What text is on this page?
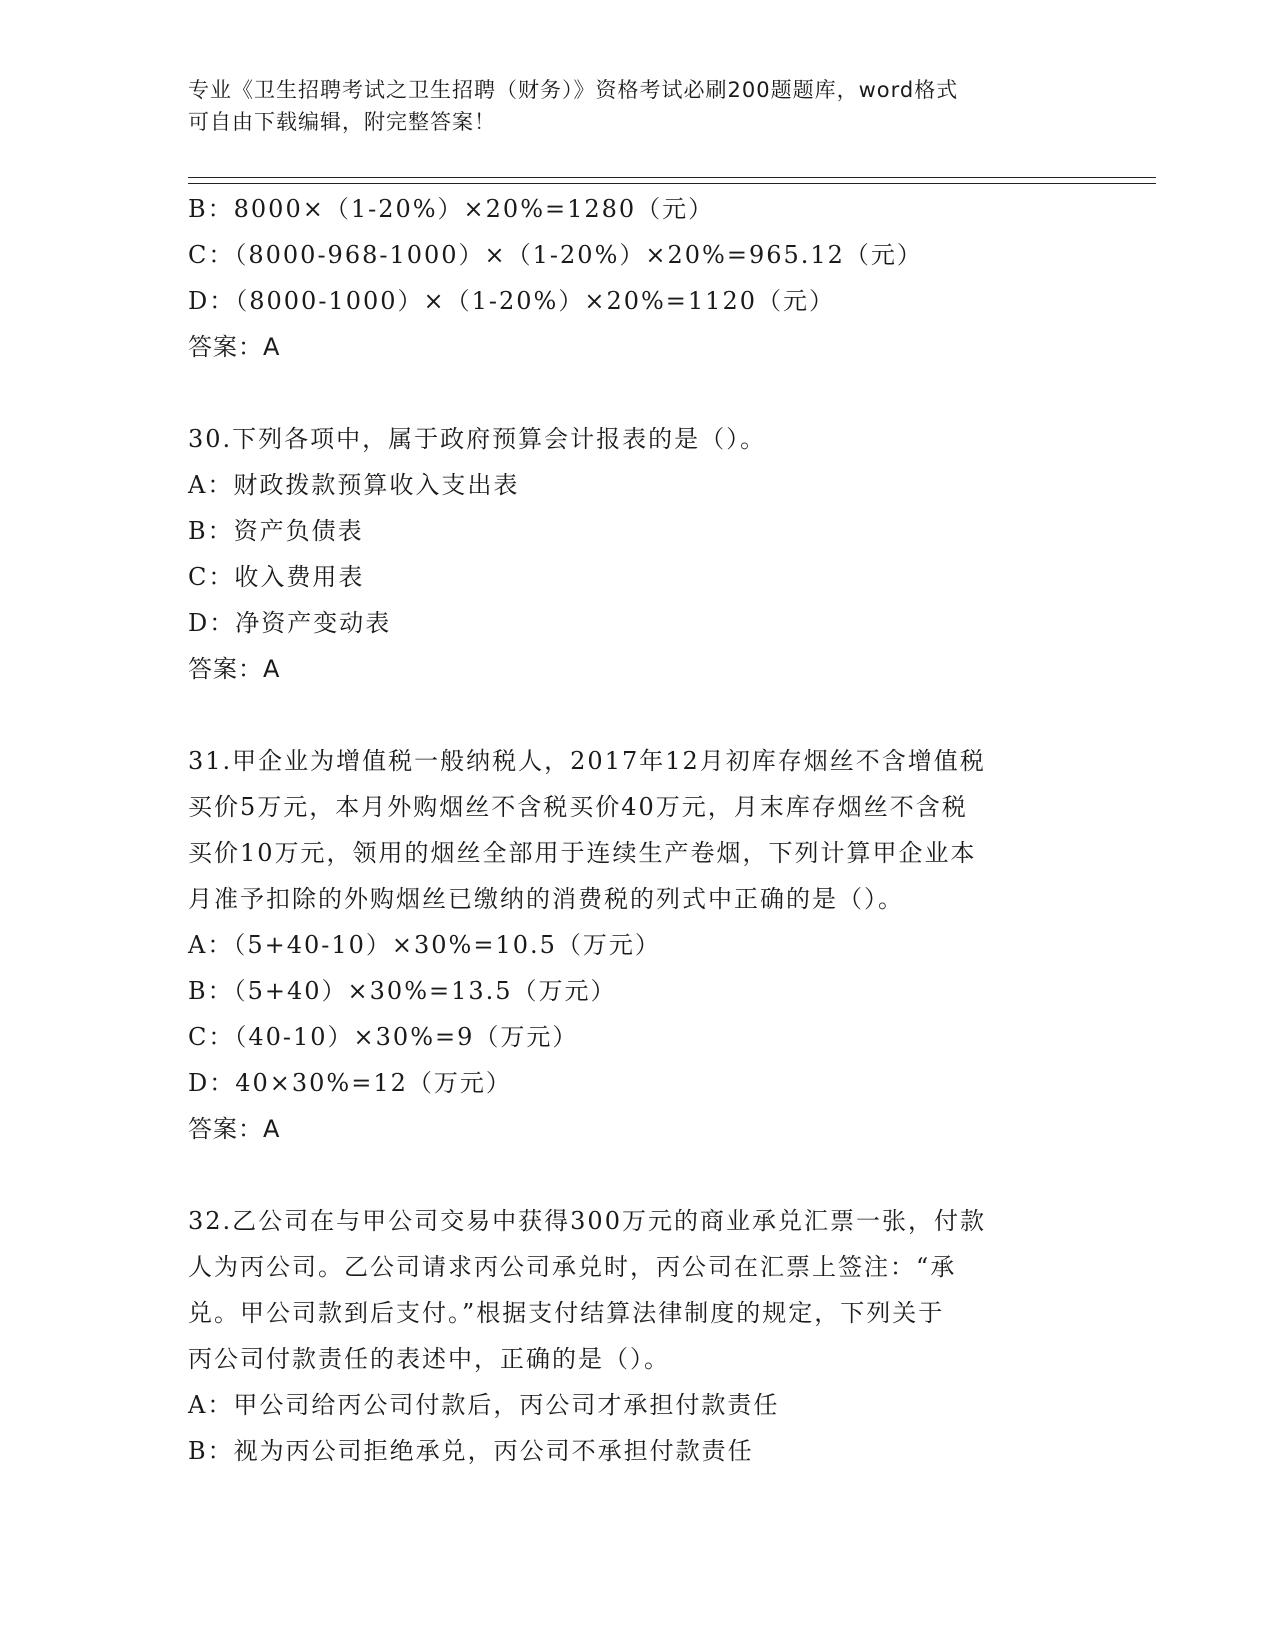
专业《卫生招聘考试之卫生招聘（财务）》资格考试必刷200题题库，word格式
可自由下载编辑，附完整答案！
B：8000×（1-20%）×20%=1280（元）
C：（8000-968-1000）×（1-20%）×20%=965.12（元）
D：（8000-1000）×（1-20%）×20%=1120（元）
答案：A
30.下列各项中，属于政府预算会计报表的是（）。
A：财政拨款预算收入支出表
B：资产负债表
C：收入费用表
D：净资产变动表
答案：A
31.甲企业为增值税一般纳税人，2017年12月初库存烟丝不含增值税
买价5万元，本月外购烟丝不含税买价40万元，月末库存烟丝不含税
买价10万元，领用的烟丝全部用于连续生产卷烟，下列计算甲企业本
月准予扣除的外购烟丝已缴纳的消费税的列式中正确的是（）。
A：（5+40-10）×30%=10.5（万元）
B：（5+40）×30%=13.5（万元）
C：（40-10）×30%=9（万元）
D：40×30%=12（万元）
答案：A
32.乙公司在与甲公司交易中获得300万元的商业承兑汇票一张，付款
人为丙公司。乙公司请求丙公司承兑时，丙公司在汇票上签注：“承
兑。甲公司款到后支付。”根据支付结算法律制度的规定，下列关于
丙公司付款责任的表述中，正确的是（）。
A：甲公司给丙公司付款后，丙公司才承担付款责任
B：视为丙公司拒绝承兑，丙公司不承担付款责任
